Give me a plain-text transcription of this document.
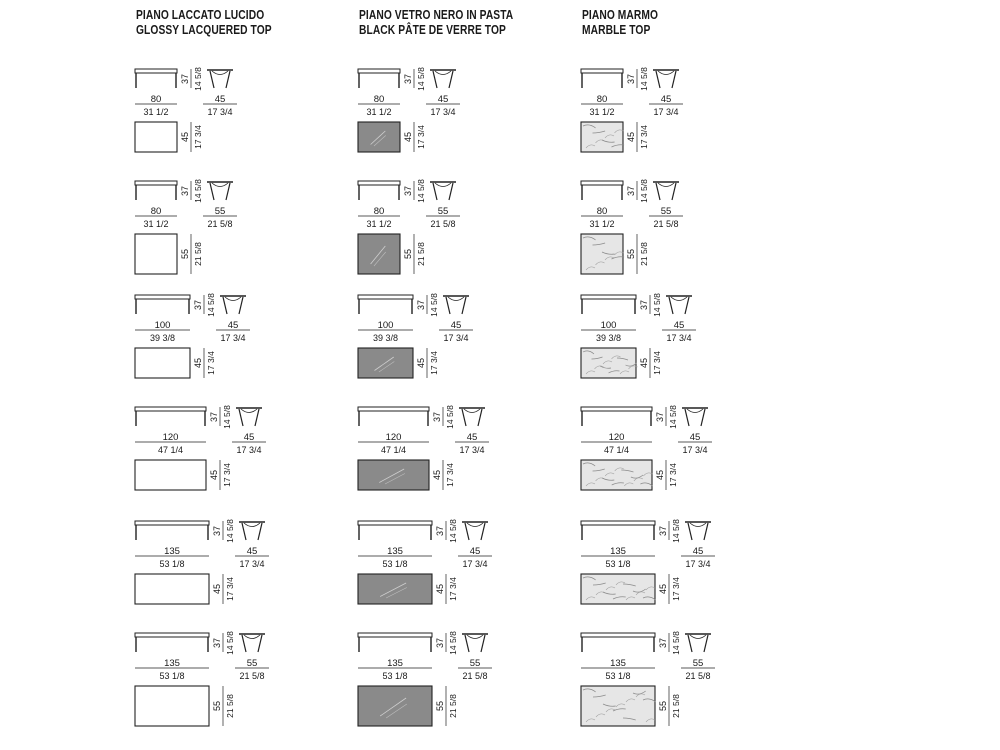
PIANO LACCATO LUCIDO
GLOSSY LACQUERED TOP
PIANO VETRO NERO IN PASTA
BLACK PÂTE DE VERRE TOP
PIANO MARMO
MARBLE TOP
80
31 1/2
37 14 5/8
45
17 3/4
45 17 3/4
80
31 1/2
37 14 5/8
55
21 5/8
55 21 5/8
100
39 3/8
37 14 5/8
45
17 3/4
45 17 3/4
120
47 1/4
37 14 5/8
45
17 3/4
45 17 3/4
135
53 1/8
37 14 5/8
45
17 3/4
45 17 3/4
135
53 1/8
37 14 5/8
55
21 5/8
55 21 5/8
80
31 1/2
37 14 5/8
45
17 3/4
45 17 3/4
80
31 1/2
37 14 5/8
55
21 5/8
55 21 5/8
100
39 3/8
37 14 5/8
45
17 3/4
45 17 3/4
120
47 1/4
37 14 5/8
45
17 3/4
45 17 3/4
135
53 1/8
37 14 5/8
45
17 3/4
45 17 3/4
135
53 1/8
37 14 5/8
55
21 5/8
55 21 5/8
80
31 1/2
37 14 5/8
45
17 3/4
45 17 3/4
80
31 1/2
37 14 5/8
55
21 5/8
55 21 5/8
100
39 3/8
37 14 5/8
45
17 3/4
45 17 3/4
120
47 1/4
37 14 5/8
45
17 3/4
45 17 3/4
135
53 1/8
37 14 5/8
45
17 3/4
45 17 3/4
135
53 1/8
37 14 5/8
55
21 5/8
55 21 5/8
